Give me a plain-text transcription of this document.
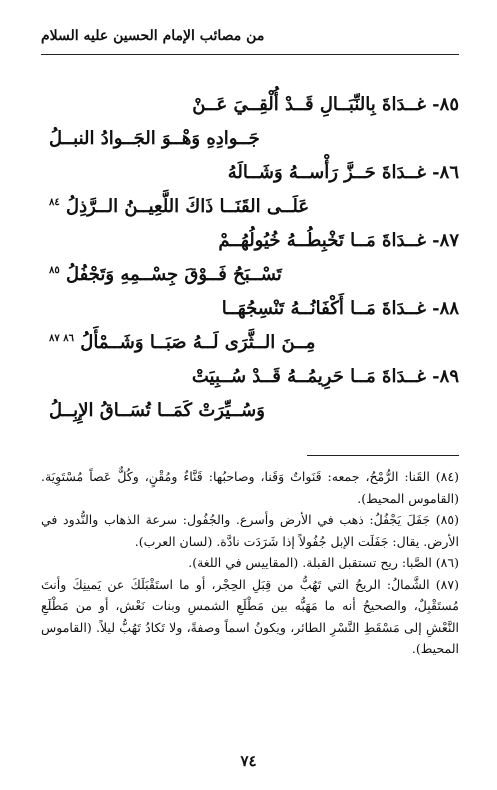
من مصائب الإمام الحسين عليه السلام
٨٥- غــدَاةَ بِالنِّبَــالِ قَــدْ أُلْقِــيَ عَــنْ
جَــوادِهِ وَهْــوَ الجَــوادُ النبــلُ
٨٦- غــدَاةَ حَــزَّ رَأْســهُ وَشَــالَهُ
عَلَــى القَنَــا ذَاكَ اللَّعِيــنُ الــرَّذِلُ $^{٨٤}$
٨٧- غــدَاةَ مَــا تَخْبِطُــهُ خُيُولُهُــمْ
تَسْــبَحُ فَــوْقَ جِسْــمِهِ وَتَجْفُلُ $^{٨٥}$
٨٨- غــدَاةَ مَــا أَكْفَانُــهُ تَنْسِجُهَــا
مِــنَ الــثَّرَى لَــهُ صَبَــا وَشَــمْأَلُ $^{٨٦ ٨٧}$
٨٩- غــدَاةَ مَــا حَرِيمُــهُ قَــدْ سُــبِيَتْ
وَسُــيِّرَتْ كَمَــا تُسَــاقُ الإِبِــلُ

(٨٤) القَنا: الرُّمْحُ، جمعه: قَنَواتٌ وَقَنا، وصاحبُها: قَنَّاءٌ ومُقْنٍ، وكُلٌّ عَصاً مُسْتَوِيَة. (القاموس المحيط).

(٨٥) جَفَلَ يَجْفُلُ: ذهب في الأرض وأسرع. والجُفُول: سرعة الذهاب والنُّدود في الأرض. يقال: جَفَلَت الإبل جُفُولاً إذا شَرَدَت نادَّة. (لسان العرب).

(٨٦) الصَّبا: ريح تستقبل القبلة. (المقاييس في اللغة).

(٨٧) الشَّمالُ: الريحُ التي تَهُبُّ من قِبَلِ الحِجْر، أو ما استَقْبَلَكَ عن يَمينِكَ وأنتَ مُستَقْبِلٌ، والصحيحُ أنه ما مَهَبُّه بين مَطْلَعِ الشمسِ وبنات نَعْش، أو من مَطْلَعِ النَّعْشِ إلى مَسْقَطِ النَّسْرِ الطائر، ويكونُ اسماً وصفةً، ولا تَكادُ تَهُبُّ ليلاً. (القاموس المحيط).

٧٤
